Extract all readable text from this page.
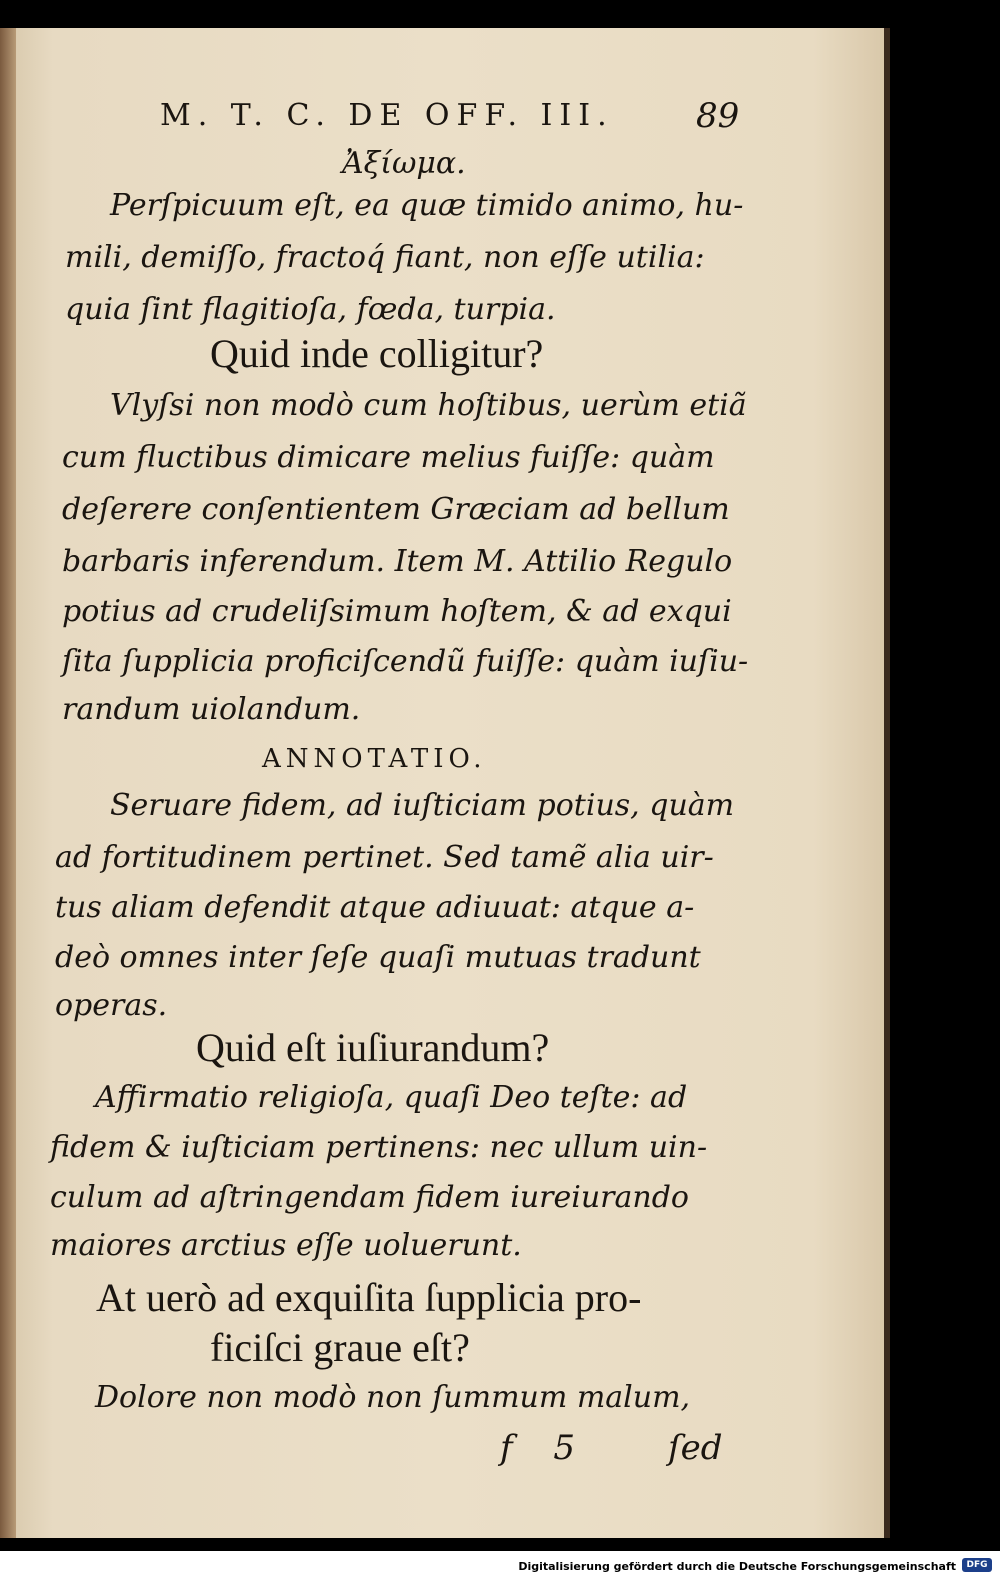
M. T. C. DE OFF. III. 89
Ἀξίωμα.
Perſpicuum eſt, ea quæ timido animo, hu-
mili, demiſſo, fractoq́ fiant, non eſſe utilia:
quia ſint flagitioſa, fœda, turpia.
Quid inde colligitur?
Vlyſsi non modò cum hoſtibus, uerùm etiã
cum fluctibus dimicare melius fuiſſe: quàm
deſerere conſentientem Græciam ad bellum
barbaris inferendum. Item M. Attilio Regulo
potius ad crudeliſsimum hoſtem, & ad exqui
ſita ſupplicia proficiſcendũ fuiſſe: quàm iuſiu-
randum uiolandum.
ANNOTATIO.
Seruare fidem, ad iuſticiam potius, quàm
ad fortitudinem pertinet. Sed tamẽ alia uir-
tus aliam defendit atque adiuuat: atque a-
deò omnes inter ſeſe quaſi mutuas tradunt
operas.
Quid eſt iuſiurandum?
Affirmatio religioſa, quaſi Deo teſte: ad
fidem & iuſticiam pertinens: nec ullum uin-
culum ad aſtringendam fidem iureiurando
maiores arctius eſſe uoluerunt.
At uerò ad exquiſita ſupplicia pro-
ficiſci graue eſt?
Dolore non modò non ſummum malum,
f 5	ſed
Digitalisierung gefördert durch die Deutsche Forschungsgemeinschaft	DFG
